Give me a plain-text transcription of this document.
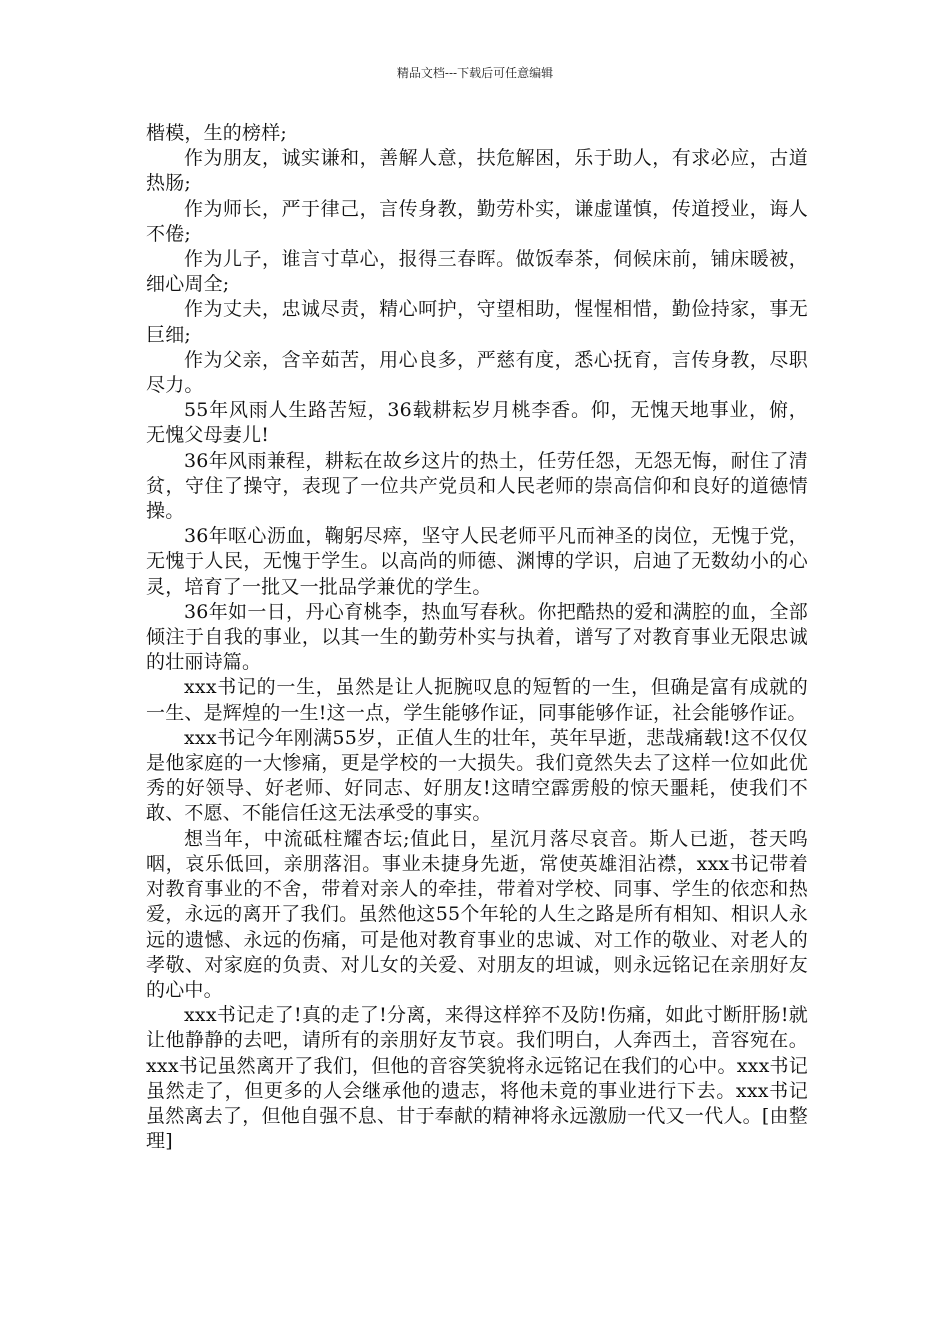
精品文档---下载后可任意编辑

楷模，生的榜样;

作为朋友，诚实谦和，善解人意，扶危解困，乐于助人，有求必应，古道热肠;

作为师长，严于律己，言传身教，勤劳朴实，谦虚谨慎，传道授业，诲人不倦;

作为儿子，谁言寸草心，报得三春晖。做饭奉茶，伺候床前，铺床暖被，细心周全;

作为丈夫，忠诚尽责，精心呵护，守望相助，惺惺相惜，勤俭持家，事无巨细;

作为父亲，含辛茹苦，用心良多，严慈有度，悉心抚育，言传身教，尽职尽力。

55年风雨人生路苦短，36载耕耘岁月桃李香。仰，无愧天地事业，俯，无愧父母妻儿!

36年风雨兼程，耕耘在故乡这片的热土，任劳任怨，无怨无悔，耐住了清贫，守住了操守，表现了一位共产党员和人民老师的崇高信仰和良好的道德情操。

36年呕心沥血，鞠躬尽瘁，坚守人民老师平凡而神圣的岗位，无愧于党，无愧于人民，无愧于学生。以高尚的师德、渊博的学识，启迪了无数幼小的心灵，培育了一批又一批品学兼优的学生。

36年如一日，丹心育桃李，热血写春秋。你把酷热的爱和满腔的血，全部倾注于自我的事业，以其一生的勤劳朴实与执着，谱写了对教育事业无限忠诚的壮丽诗篇。

xxx书记的一生，虽然是让人扼腕叹息的短暂的一生，但确是富有成就的一生、是辉煌的一生!这一点，学生能够作证，同事能够作证，社会能够作证。

xxx书记今年刚满55岁，正值人生的壮年，英年早逝，悲哉痛载!这不仅仅是他家庭的一大惨痛，更是学校的一大损失。我们竟然失去了这样一位如此优秀的好领导、好老师、好同志、好朋友!这晴空霹雳般的惊天噩耗，使我们不敢、不愿、不能信任这无法承受的事实。

想当年，中流砥柱耀杏坛;值此日，星沉月落尽哀音。斯人已逝，苍天呜咽，哀乐低回，亲朋落泪。事业未捷身先逝，常使英雄泪沾襟，xxx书记带着对教育事业的不舍，带着对亲人的牵挂，带着对学校、同事、学生的依恋和热爱，永远的离开了我们。虽然他这55个年轮的人生之路是所有相知、相识人永远的遗憾、永远的伤痛，可是他对教育事业的忠诚、对工作的敬业、对老人的孝敬、对家庭的负责、对儿女的关爱、对朋友的坦诚，则永远铭记在亲朋好友的心中。

xxx书记走了!真的走了!分离，来得这样猝不及防!伤痛，如此寸断肝肠!就让他静静的去吧，请所有的亲朋好友节哀。我们明白，人奔西土，音容宛在。xxx书记虽然离开了我们，但他的音容笑貌将永远铭记在我们的心中。xxx书记虽然走了，但更多的人会继承他的遗志，将他未竟的事业进行下去。xxx书记虽然离去了，但他自强不息、甘于奉献的精神将永远激励一代又一代人。[由整理]
